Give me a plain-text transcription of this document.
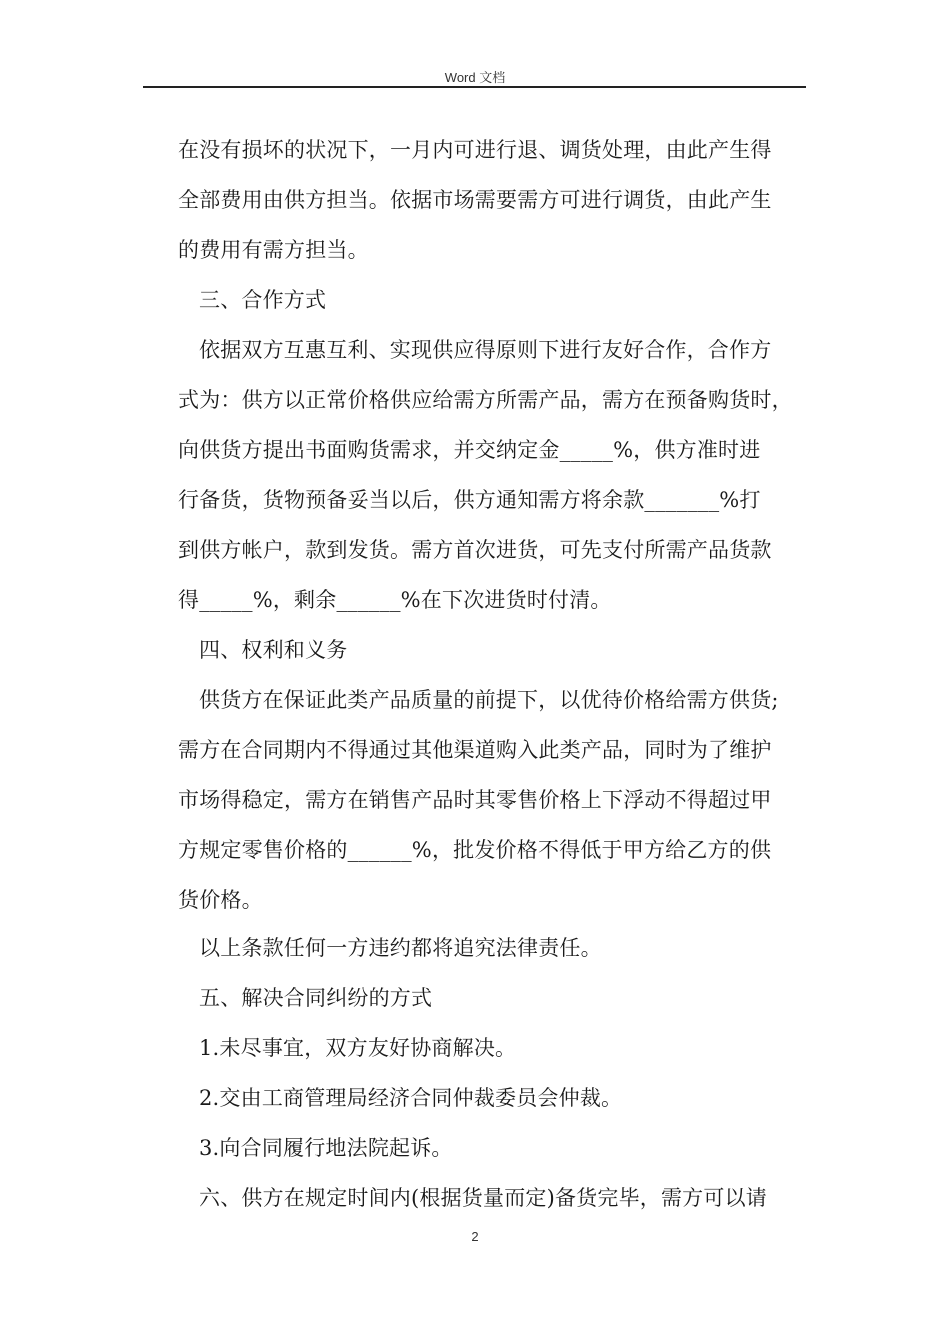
Word 文档
在没有损坏的状况下，一月内可进行退、调货处理，由此产生得
全部费用由供方担当。依据市场需要需方可进行调货，由此产生
的费用有需方担当。
三、合作方式
依据双方互惠互利、实现供应得原则下进行友好合作，合作方
式为：供方以正常价格供应给需方所需产品，需方在预备购货时，
向供货方提出书面购货需求，并交纳定金_____%，供方准时进
行备货，货物预备妥当以后，供方通知需方将余款_______%打
到供方帐户，款到发货。需方首次进货，可先支付所需产品货款
得_____%，剩余______%在下次进货时付清。
四、权利和义务
供货方在保证此类产品质量的前提下，以优待价格给需方供货;
需方在合同期内不得通过其他渠道购入此类产品，同时为了维护
市场得稳定，需方在销售产品时其零售价格上下浮动不得超过甲
方规定零售价格的______%，批发价格不得低于甲方给乙方的供
货价格。
以上条款任何一方违约都将追究法律责任。
五、解决合同纠纷的方式
1.未尽事宜，双方友好协商解决。
2.交由工商管理局经济合同仲裁委员会仲裁。
3.向合同履行地法院起诉。
六、供方在规定时间内(根据货量而定)备货完毕，需方可以请
2
